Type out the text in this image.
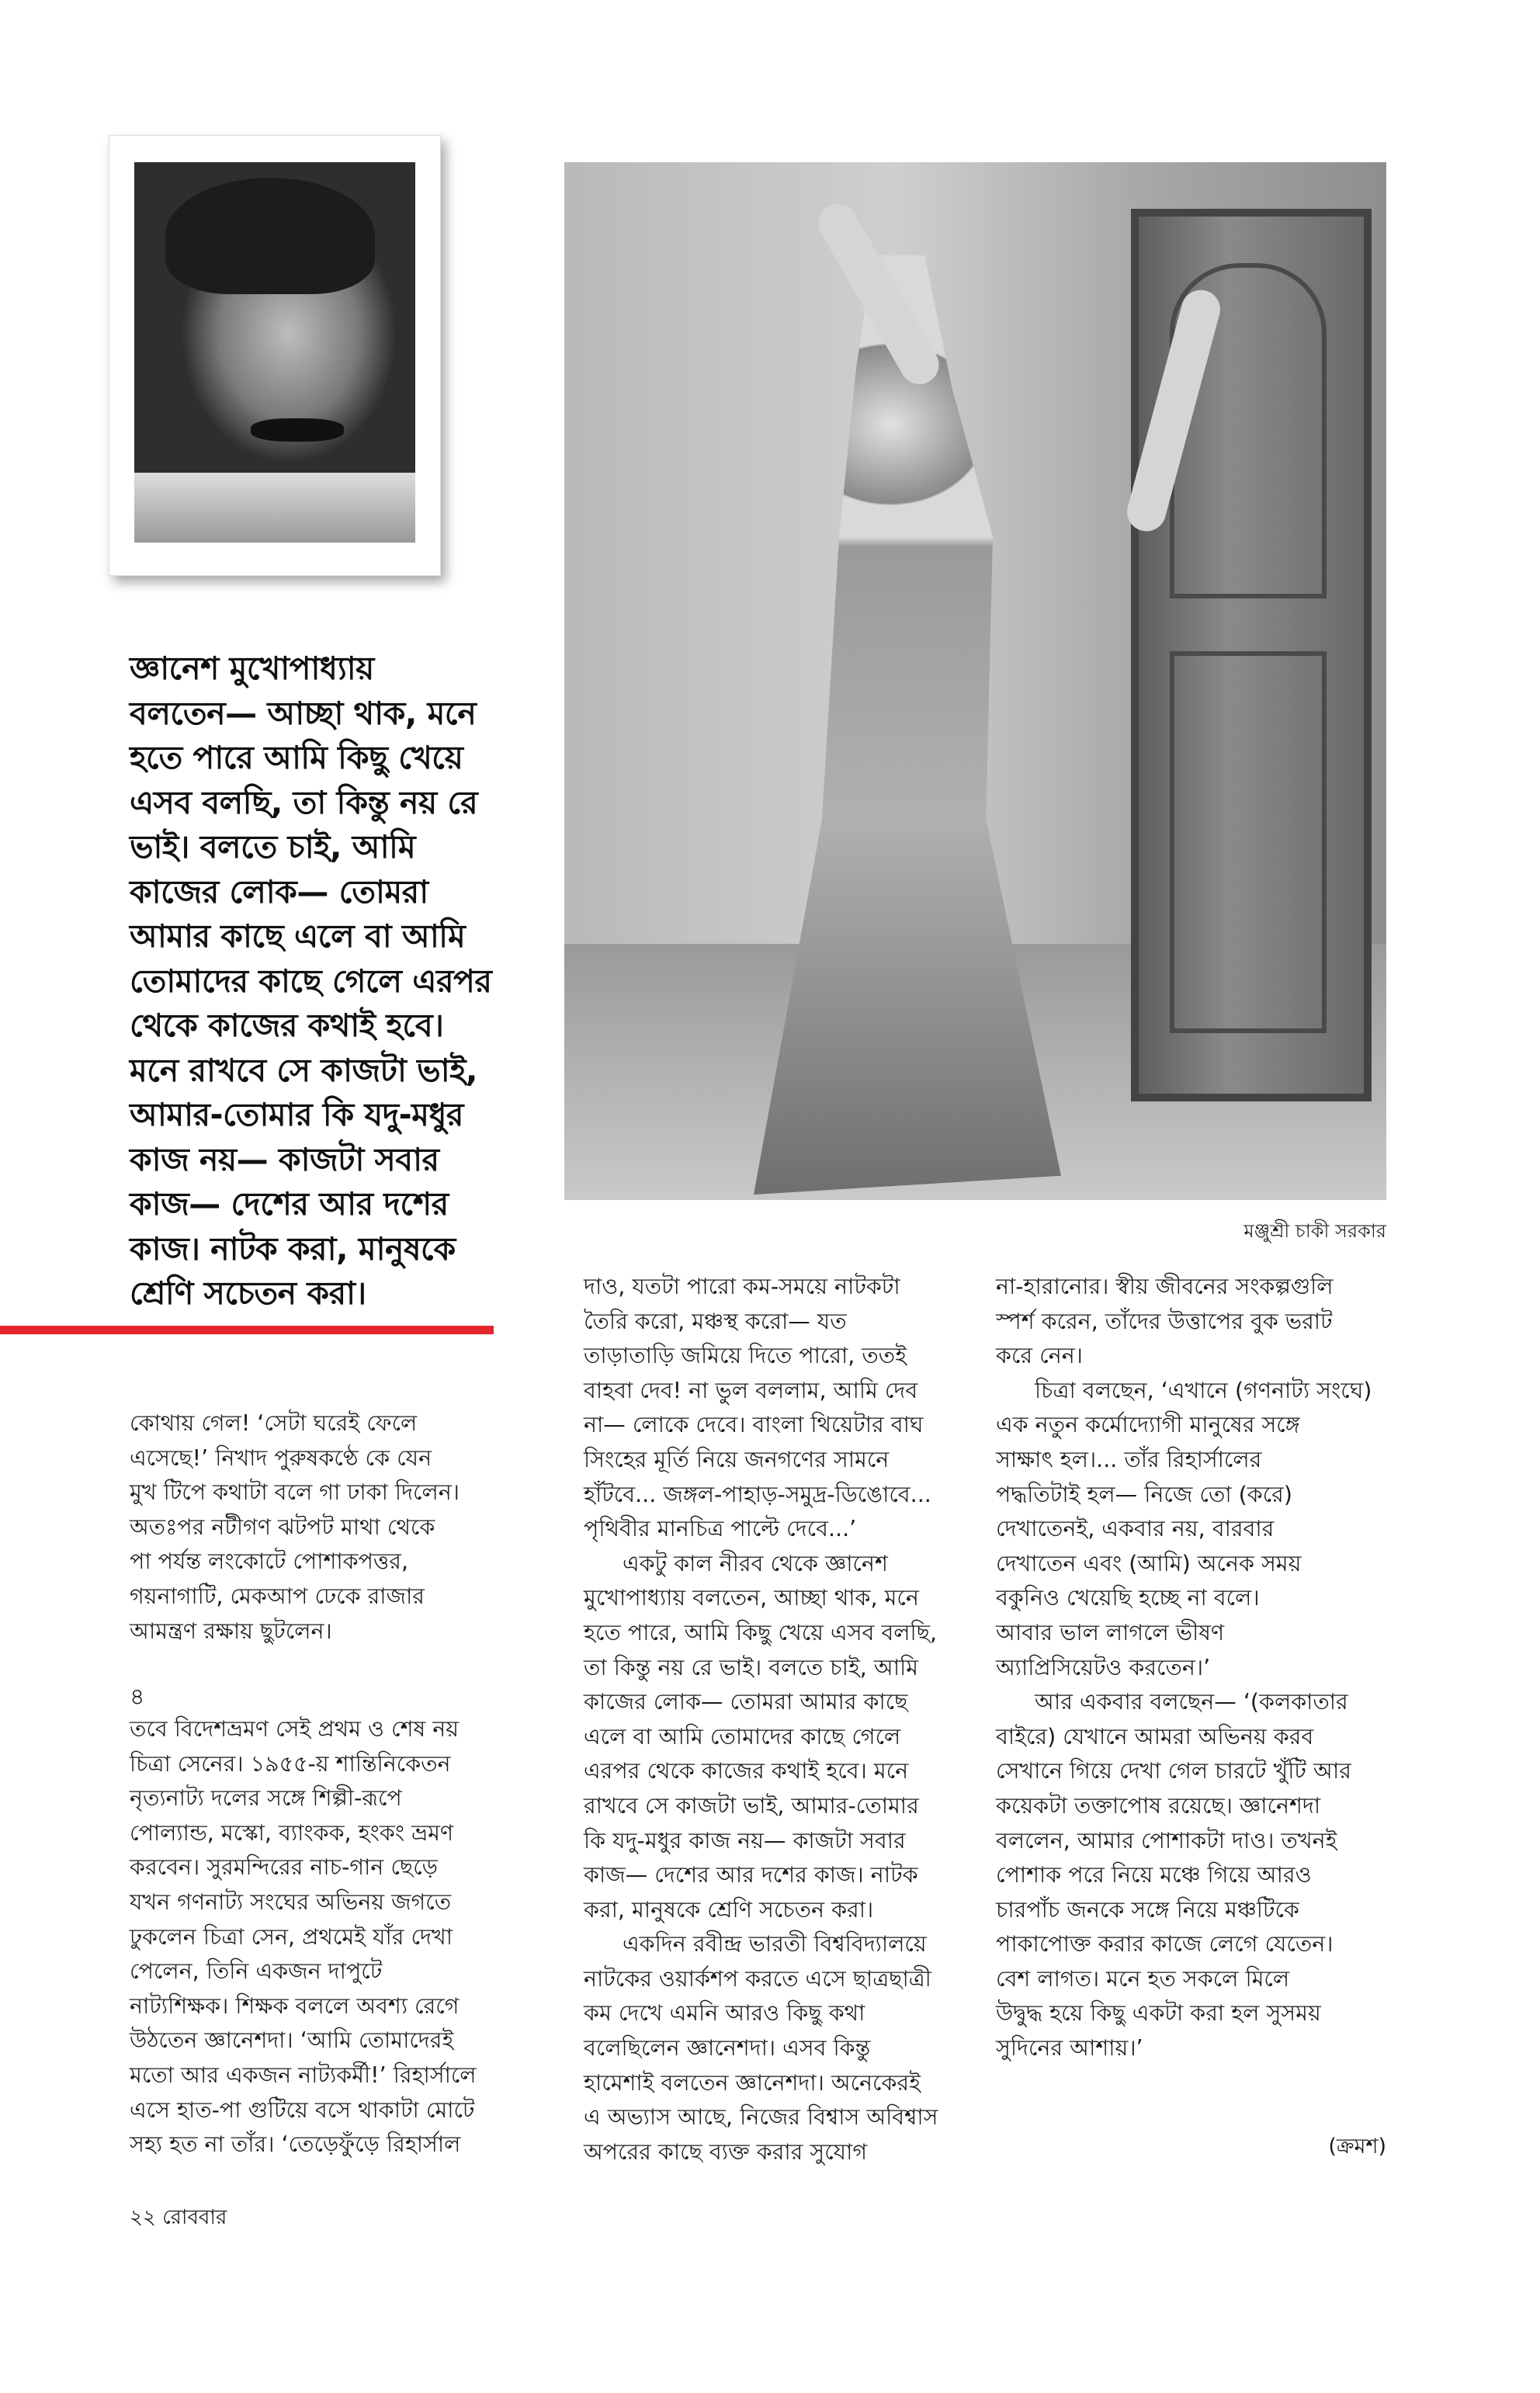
মঞ্জুশ্রী চাকী সরকার
জ্ঞানেশ মুখোপাধ্যায়
বলতেন— আচ্ছা থাক, মনে
হতে পারে আমি কিছু খেয়ে
এসব বলছি, তা কিন্তু নয় রে
ভাই। বলতে চাই, আমি
কাজের লোক— তোমরা
আমার কাছে এলে বা আমি
তোমাদের কাছে গেলে এরপর
থেকে কাজের কথাই হবে।
মনে রাখবে সে কাজটা ভাই,
আমার-তোমার কি যদু-মধুর
কাজ নয়— কাজটা সবার
কাজ— দেশের আর দশের
কাজ। নাটক করা, মানুষকে
শ্রেণি সচেতন করা।
কোথায় গেল! ‘সেটা ঘরেই ফেলে
এসেছে!’ নিখাদ পুরুষকণ্ঠে কে যেন
মুখ টিপে কথাটা বলে গা ঢাকা দিলেন।
অতঃপর নটীগণ ঝটপট মাথা থেকে
পা পর্যন্ত লংকোটে পোশাকপত্তর,
গয়নাগাটি, মেকআপ ঢেকে রাজার
আমন্ত্রণ রক্ষায় ছুটলেন।
৪
তবে বিদেশভ্রমণ সেই প্রথম ও শেষ নয়
চিত্রা সেনের। ১৯৫৫-য় শান্তিনিকেতন
নৃত্যনাট্য দলের সঙ্গে শিল্পী-রূপে
পোল্যান্ড, মস্কো, ব্যাংকক, হংকং ভ্রমণ
করবেন। সুরমন্দিরের নাচ-গান ছেড়ে
যখন গণনাট্য সংঘের অভিনয় জগতে
ঢুকলেন চিত্রা সেন, প্রথমেই যাঁর দেখা
পেলেন, তিনি একজন দাপুটে
নাট্যশিক্ষক। শিক্ষক বললে অবশ্য রেগে
উঠতেন জ্ঞানেশদা। ‘আমি তোমাদেরই
মতো আর একজন নাট্যকর্মী!’ রিহার্সালে
এসে হাত-পা গুটিয়ে বসে থাকাটা মোটে
সহ্য হত না তাঁর। ‘তেড়েফুঁড়ে রিহার্সাল
দাও, যতটা পারো কম-সময়ে নাটকটা
তৈরি করো, মঞ্চস্থ করো— যত
তাড়াতাড়ি জমিয়ে দিতে পারো, ততই
বাহবা দেব! না ভুল বললাম, আমি দেব
না— লোকে দেবে। বাংলা থিয়েটার বাঘ
সিংহের মূর্তি নিয়ে জনগণের সামনে
হাঁটবে... জঙ্গল-পাহাড়-সমুদ্র-ডিঙোবে...
পৃথিবীর মানচিত্র পাল্টে দেবে...’
একটু কাল নীরব থেকে জ্ঞানেশ
মুখোপাধ্যায় বলতেন, আচ্ছা থাক, মনে
হতে পারে, আমি কিছু খেয়ে এসব বলছি,
তা কিন্তু নয় রে ভাই। বলতে চাই, আমি
কাজের লোক— তোমরা আমার কাছে
এলে বা আমি তোমাদের কাছে গেলে
এরপর থেকে কাজের কথাই হবে। মনে
রাখবে সে কাজটা ভাই, আমার-তোমার
কি যদু-মধুর কাজ নয়— কাজটা সবার
কাজ— দেশের আর দশের কাজ। নাটক
করা, মানুষকে শ্রেণি সচেতন করা।
একদিন রবীন্দ্র ভারতী বিশ্ববিদ্যালয়ে
নাটকের ওয়ার্কশপ করতে এসে ছাত্রছাত্রী
কম দেখে এমনি আরও কিছু কথা
বলেছিলেন জ্ঞানেশদা। এসব কিন্তু
হামেশাই বলতেন জ্ঞানেশদা। অনেকেরই
এ অভ্যাস আছে, নিজের বিশ্বাস অবিশ্বাস
অপরের কাছে ব্যক্ত করার সুযোগ
না-হারানোর। স্বীয় জীবনের সংকল্পগুলি
স্পর্শ করেন, তাঁদের উত্তাপের বুক ভরাট
করে নেন।
চিত্রা বলছেন, ‘এখানে (গণনাট্য সংঘে)
এক নতুন কর্মোদ্যোগী মানুষের সঙ্গে
সাক্ষাৎ হল।... তাঁর রিহার্সালের
পদ্ধতিটাই হল— নিজে তো (করে)
দেখাতেনই, একবার নয়, বারবার
দেখাতেন এবং (আমি) অনেক সময়
বকুনিও খেয়েছি হচ্ছে না বলে।
আবার ভাল লাগলে ভীষণ
অ্যাপ্রিসিয়েটও করতেন।’
আর একবার বলছেন— ‘(কলকাতার
বাইরে) যেখানে আমরা অভিনয় করব
সেখানে গিয়ে দেখা গেল চারটে খুঁটি আর
কয়েকটা তক্তাপোষ রয়েছে। জ্ঞানেশদা
বললেন, আমার পোশাকটা দাও। তখনই
পোশাক পরে নিয়ে মঞ্চে গিয়ে আরও
চারপাঁচ জনকে সঙ্গে নিয়ে মঞ্চটিকে
পাকাপোক্ত করার কাজে লেগে যেতেন।
বেশ লাগত। মনে হত সকলে মিলে
উদ্বুদ্ধ হয়ে কিছু একটা করা হল সুসময়
সুদিনের আশায়।’
(ক্রমশ)
২২ রোববার
